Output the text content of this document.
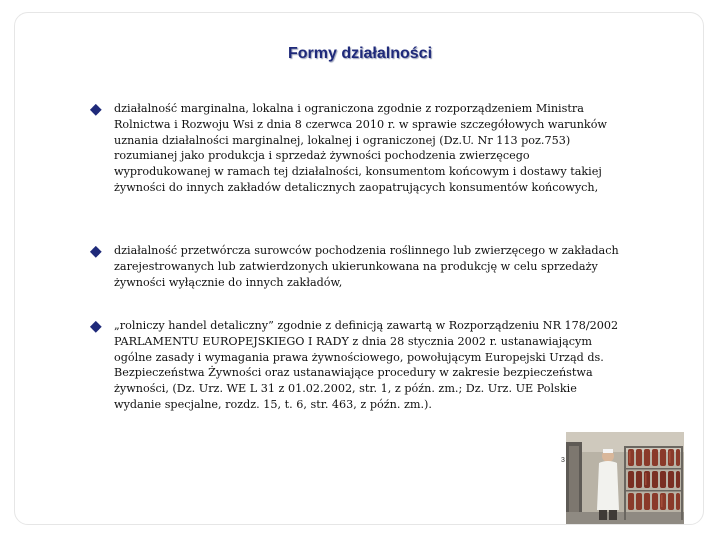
Formy działalności
działalność marginalna, lokalna i ograniczona zgodnie z rozporządzeniem Ministra Rolnictwa i Rozwoju Wsi z dnia 8 czerwca 2010 r. w sprawie szczegółowych warunków uznania działalności marginalnej, lokalnej i ograniczonej (Dz.U. Nr 113 poz.753) rozumianej jako produkcja i sprzedaż żywności pochodzenia zwierzęcego wyprodukowanej w ramach tej działalności, konsumentom końcowym i dostawy takiej żywności do innych zakładów detalicznych zaopatrujących konsumentów końcowych,
działalność przetwórcza surowców pochodzenia roślinnego lub zwierzęcego w zakładach zarejestrowanych lub zatwierdzonych ukierunkowana na produkcję w celu sprzedaży żywności wyłącznie do innych zakładów,
„rolniczy handel detaliczny” zgodnie z definicją zawartą w Rozporządzeniu NR 178/2002 PARLAMENTU EUROPEJSKIEGO I RADY z dnia 28 stycznia 2002 r. ustanawiającym ogólne zasady i wymagania prawa żywnościowego, powołującym Europejski Urząd ds. Bezpieczeństwa Żywności oraz ustanawiające procedury w zakresie bezpieczeństwa żywności, (Dz. Urz. WE L 31 z 01.02.2002, str. 1, z późn. zm.; Dz. Urz. UE Polskie wydanie specjalne, rozdz. 15, t. 6, str. 463, z późn. zm.).
3
